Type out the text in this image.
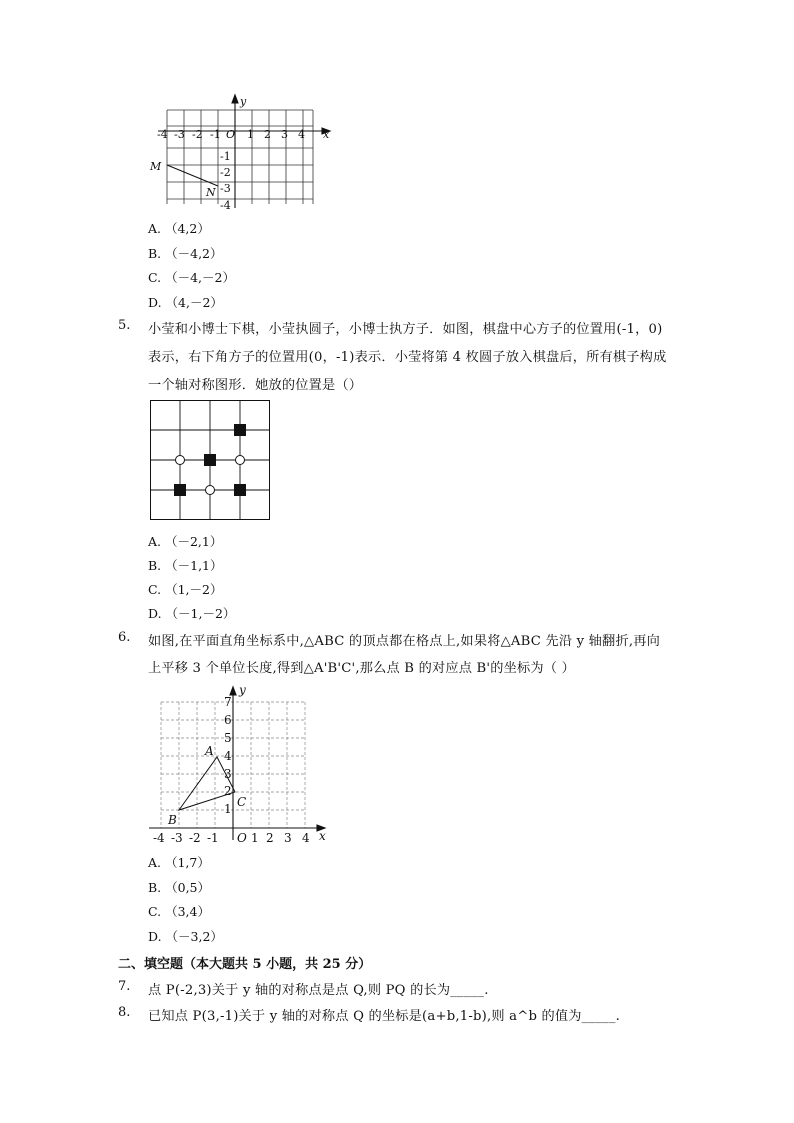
-4 -3 -2 -1 O 1 2 3 4 x
y
-1
-2
-3
-4
M
N
A. （4,2）
B. （－4,2）
C. （－4,－2）
D. （4,－2）
5. 小莹和小博士下棋，小莹执圆子，小博士执方子．如图，棋盘中心方子的位置用(-1，0)
表示，右下角方子的位置用(0，-1)表示．小莹将第 4 枚圆子放入棋盘后，所有棋子构成
一个轴对称图形．她放的位置是（）
A. （－2,1）
B. （－1,1）
C. （1,－2）
D. （－1,－2）
6. 如图,在平面直角坐标系中,△ABC 的顶点都在格点上,如果将△ABC 先沿 y 轴翻折,再向
上平移 3 个单位长度,得到△A'B'C',那么点 B 的对应点 B'的坐标为（ ）
y
7
6
5
4
3
2
1
-4 -3 -2 -1 O 1 2 3 4 x
A
B
C
A. （1,7）
B. （0,5）
C. （3,4）
D. （－3,2）
二、填空题（本大题共 5 小题，共 25 分）
7. 点 P(-2,3)关于 y 轴的对称点是点 Q,则 PQ 的长为_____.
8. 已知点 P(3,-1)关于 y 轴的对称点 Q 的坐标是(a+b,1-b),则 a^b 的值为_____.
